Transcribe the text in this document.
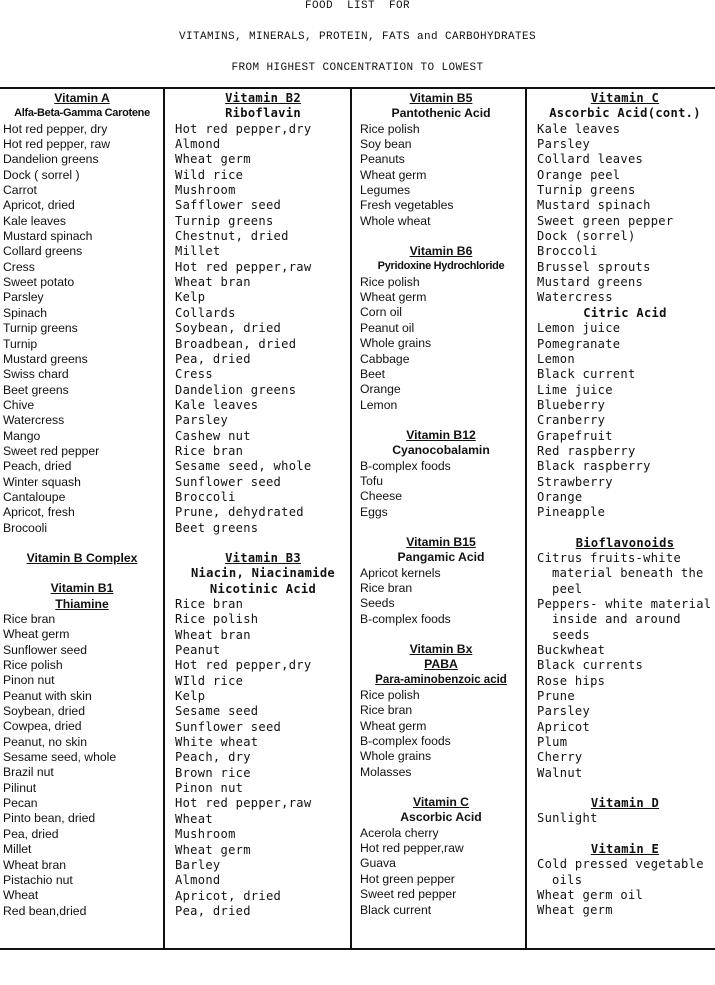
FOOD  LIST  FOR
VITAMINS, MINERALS, PROTEIN, FATS and CARBOHYDRATES
FROM HIGHEST CONCENTRATION TO LOWEST
Vitamin A
Alfa-Beta-Gamma Carotene
Hot red pepper, dry
Hot red pepper, raw
Dandelion greens
Dock ( sorrel )
Carrot
Apricot, dried
Kale leaves
Mustard spinach
Collard greens
Cress
Sweet potato
Parsley
Spinach
Turnip greens
Turnip
Mustard greens
Swiss chard
Beet greens
Chive
Watercress
Mango
Sweet red pepper
Peach, dried
Winter squash
Cantaloupe
Apricot, fresh
Brocooli
Vitamin B Complex
Vitamin B1
Thiamine
Rice bran
Wheat germ
Sunflower seed
Rice polish
Pinon nut
Peanut with skin
Soybean, dried
Cowpea, dried
Peanut, no skin
Sesame seed, whole
Brazil nut
Pilinut
Pecan
Pinto bean, dried
Pea, dried
Millet
Wheat bran
Pistachio nut
Wheat
Red bean,dried
Vitamin B2
Riboflavin
Hot red pepper,dry
Almond
Wheat germ
Wild rice
Mushroom
Safflower seed
Turnip greens
Chestnut, dried
Millet
Hot red pepper,raw
Wheat bran
Kelp
Collards
Soybean, dried
Broadbean, dried
Pea, dried
Cress
Dandelion greens
Kale leaves
Parsley
Cashew nut
Rice bran
Sesame seed, whole
Sunflower seed
Broccoli
Prune, dehydrated
Beet greens
Vitamin B3
Niacin, Niacinamide
Nicotinic Acid
Rice bran
Rice polish
Wheat bran
Peanut
Hot red pepper,dry
WIld rice
Kelp
Sesame seed
Sunflower seed
White wheat
Peach, dry
Brown rice
Pinon nut
Hot red pepper,raw
Wheat
Mushroom
Wheat germ
Barley
Almond
Apricot, dried
Pea, dried
Vitamin B5
Pantothenic Acid
Rice polish
Soy bean
Peanuts
Wheat germ
Legumes
Fresh vegetables
Whole wheat
Vitamin B6
Pyridoxine Hydrochloride
Rice polish
Wheat germ
Corn oil
Peanut oil
Whole grains
Cabbage
Beet
Orange
Lemon
Vitamin B12
Cyanocobalamin
B-complex foods
Tofu
Cheese
Eggs
Vitamin B15
Pangamic Acid
Apricot kernels
Rice bran
Seeds
B-complex foods
Vitamin Bx
PABA
Para-aminobenzoic acid
Rice polish
Rice bran
Wheat germ
B-complex foods
Whole grains
Molasses
Vitamin C
Ascorbic Acid
Acerola cherry
Hot red pepper,raw
Guava
Hot green pepper
Sweet red pepper
Black current
Vitamin C
Ascorbic Acid(cont.)
Kale leaves
Parsley
Collard leaves
Orange peel
Turnip greens
Mustard spinach
Sweet green pepper
Dock (sorrel)
Broccoli
Brussel sprouts
Mustard greens
Watercress
Citric Acid
Lemon juice
Pomegranate
Lemon
Black current
Lime juice
Blueberry
Cranberry
Grapefruit
Red raspberry
Black raspberry
Strawberry
Orange
Pineapple
Bioflavonoids
Citrus fruits-white material beneath the peel
Peppers- white material inside and around seeds
Buckwheat
Black currents
Rose hips
Prune
Parsley
Apricot
Plum
Cherry
Walnut
Vitamin D
Sunlight
Vitamin E
Cold pressed vegetable oils
Wheat germ oil
Wheat germ
